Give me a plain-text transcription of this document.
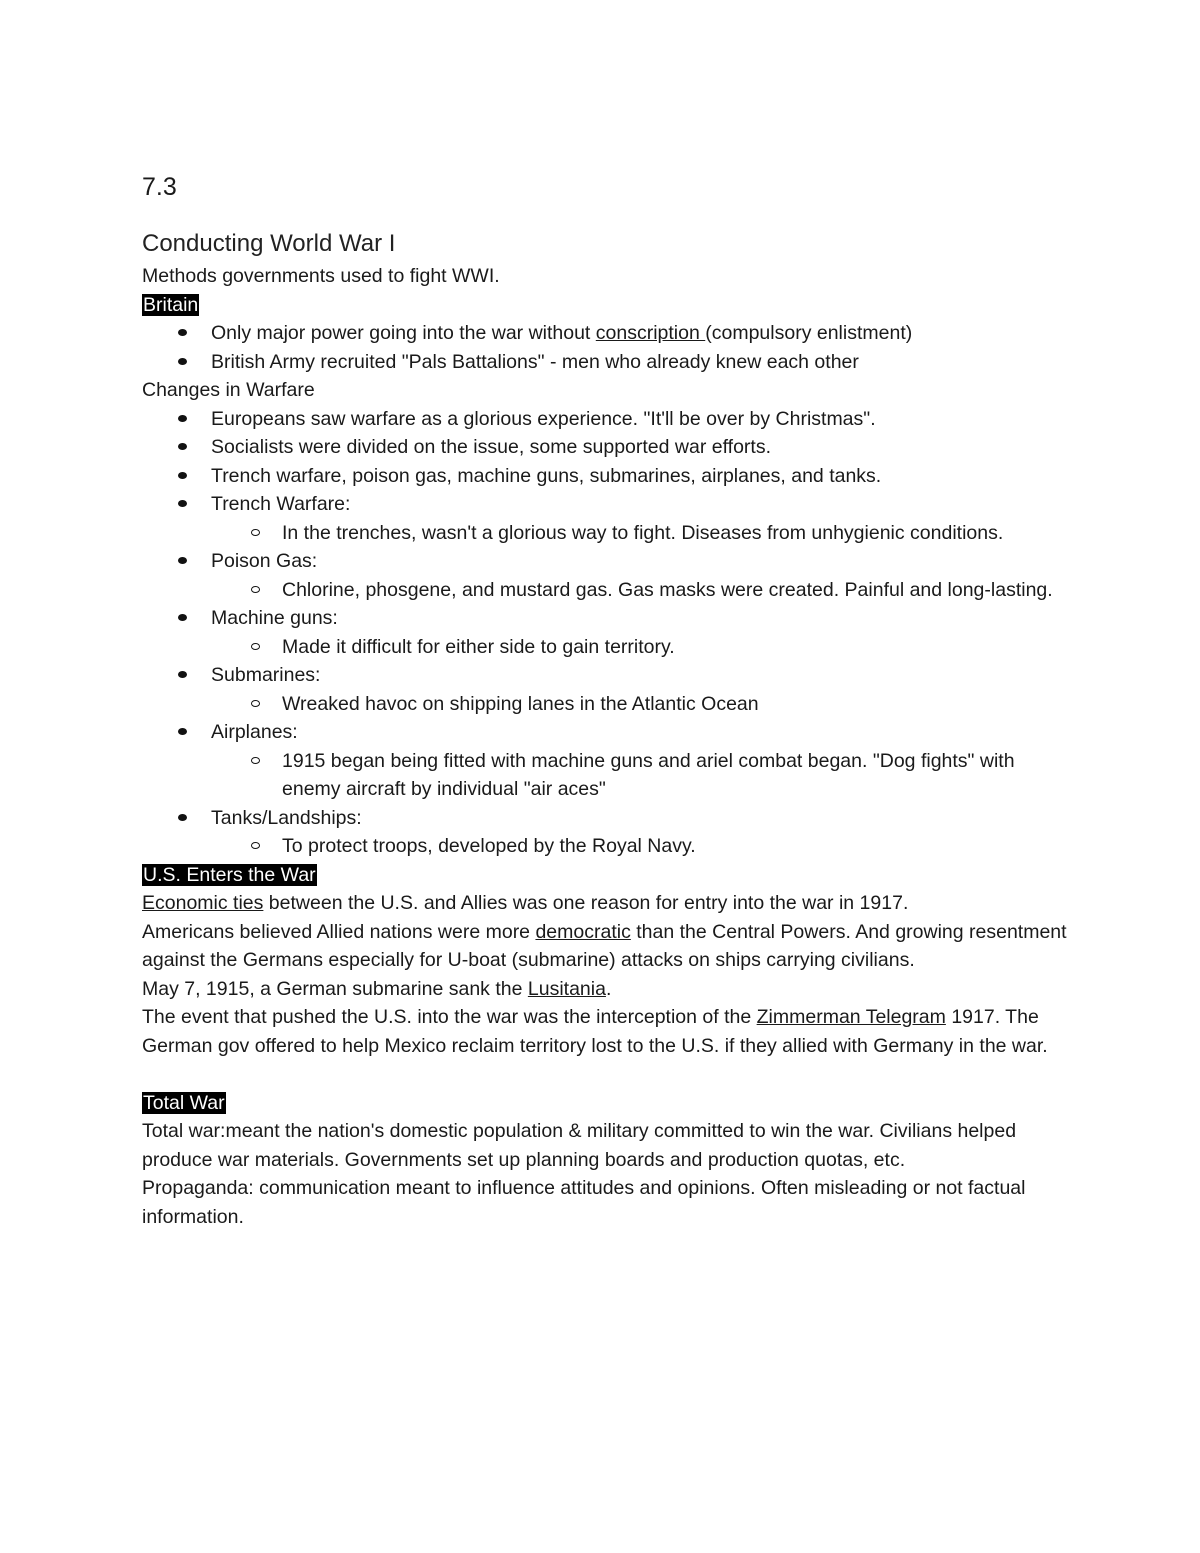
7.3
Conducting World War I

Methods governments used to fight WWI.

Britain

Only major power going into the war without conscription (compulsory enlistment)
British Army recruited "Pals Battalions" - men who already knew each other

Changes in Warfare

Europeans saw warfare as a glorious experience. "It'll be over by Christmas".
Socialists were divided on the issue, some supported war efforts.
Trench warfare, poison gas, machine guns, submarines, airplanes, and tanks.
Trench Warfare:
In the trenches, wasn't a glorious way to fight. Diseases from unhygienic conditions.
Poison Gas:
Chlorine, phosgene, and mustard gas. Gas masks were created. Painful and long-lasting.
Machine guns:
Made it difficult for either side to gain territory.
Submarines:
Wreaked havoc on shipping lanes in the Atlantic Ocean
Airplanes:
1915 began being fitted with machine guns and ariel combat began. "Dog fights" with enemy aircraft by individual "air aces"
Tanks/Landships:
To protect troops, developed by the Royal Navy.

U.S. Enters the War

Economic ties between the U.S. and Allies was one reason for entry into the war in 1917.

Americans believed Allied nations were more democratic than the Central Powers. And growing resentment against the Germans especially for U-boat (submarine) attacks on ships carrying civilians.

May 7, 1915, a German submarine sank the Lusitania.

The event that pushed the U.S. into the war was the interception of the Zimmerman Telegram 1917. The German gov offered to help Mexico reclaim territory lost to the U.S. if they allied with Germany in the war.

Total War

Total war:meant the nation's domestic population & military committed to win the war. Civilians helped produce war materials. Governments set up planning boards and production quotas, etc.

Propaganda: communication meant to influence attitudes and opinions. Often misleading or not factual information.
